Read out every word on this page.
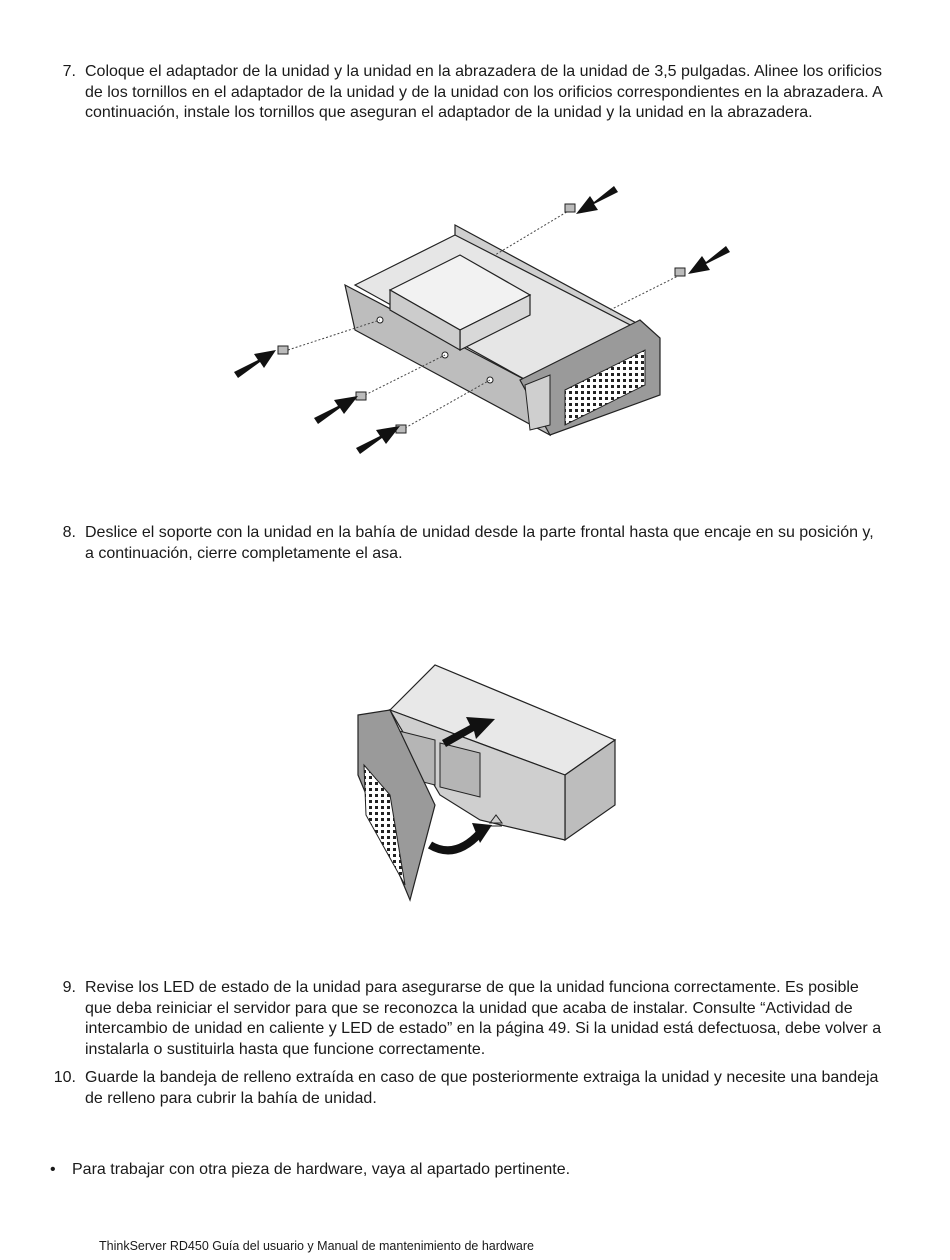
7. Coloque el adaptador de la unidad y la unidad en la abrazadera de la unidad de 3,5 pulgadas. Alinee los orificios de los tornillos en el adaptador de la unidad y de la unidad con los orificios correspondientes en la abrazadera. A continuación, instale los tornillos que aseguran el adaptador de la unidad y la unidad en la abrazadera.
8. Deslice el soporte con la unidad en la bahía de unidad desde la parte frontal hasta que encaje en su posición y, a continuación, cierre completamente el asa.
9. Revise los LED de estado de la unidad para asegurarse de que la unidad funciona correctamente. Es posible que deba reiniciar el servidor para que se reconozca la unidad que acaba de instalar. Consulte “Actividad de intercambio de unidad en caliente y LED de estado” en la página 49. Si la unidad está defectuosa, debe volver a instalarla o sustituirla hasta que funcione correctamente.
10. Guarde la bandeja de relleno extraída en caso de que posteriormente extraiga la unidad y necesite una bandeja de relleno para cubrir la bahía de unidad.
• Para trabajar con otra pieza de hardware, vaya al apartado pertinente.
ThinkServer RD450 Guía del usuario y Manual de mantenimiento de hardware
